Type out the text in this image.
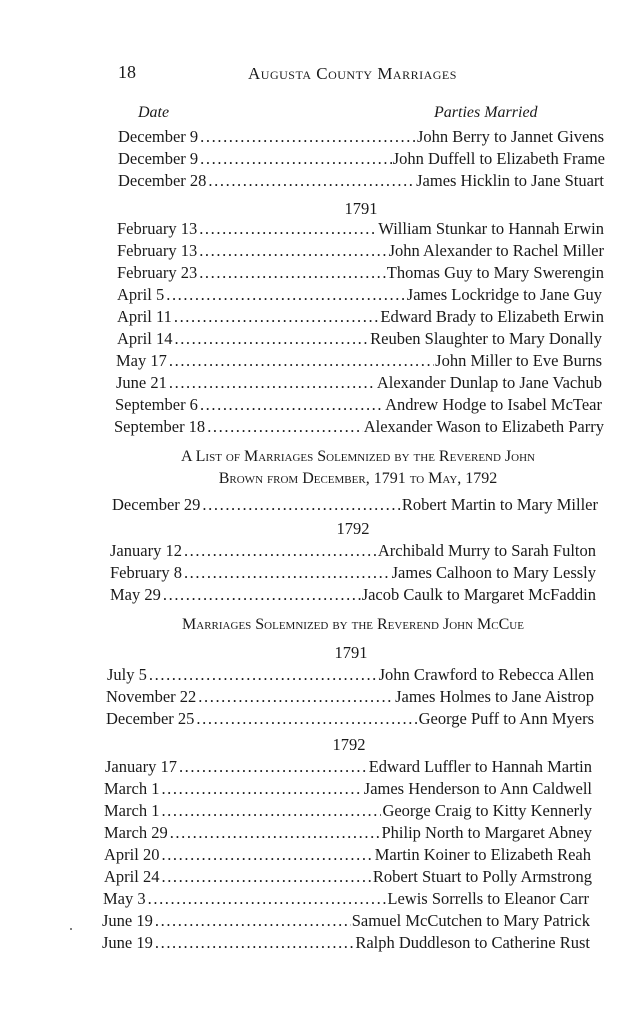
18	Augusta County Marriages
Date	Parties Married
December 9 .....	John Berry to Jannet Givens
December 9 .....	John Duffell to Elizabeth Frame
December 28 .....	James Hicklin to Jane Stuart
1791
February 13 .....	William Stunkar to Hannah Erwin
February 13 .....	John Alexander to Rachel Miller
February 23 .....	Thomas Guy to Mary Swerengin
April 5 .....	James Lockridge to Jane Guy
April 11 .....	Edward Brady to Elizabeth Erwin
April 14 .....	Reuben Slaughter to Mary Donally
May 17 .....	John Miller to Eve Burns
June 21 .....	Alexander Dunlap to Jane Vachub
September 6 .....	Andrew Hodge to Isabel McTear
September 18 .....	Alexander Wason to Elizabeth Parry
A List of Marriages Solemnized by the Reverend John
Brown from December, 1791 to May, 1792
December 29 .....	Robert Martin to Mary Miller
1792
January 12 .....	Archibald Murry to Sarah Fulton
February 8 .....	James Calhoon to Mary Lessly
May 29 .....	Jacob Caulk to Margaret McFaddin
Marriages Solemnized by the Reverend John McCue
1791
July 5 .....	John Crawford to Rebecca Allen
November 22 .....	James Holmes to Jane Aistrop
December 25 .....	George Puff to Ann Myers
1792
January 17 .....	Edward Luffler to Hannah Martin
March 1 .....	James Henderson to Ann Caldwell
March 1 .....	George Craig to Kitty Kennerly
March 29 .....	Philip North to Margaret Abney
April 20 .....	Martin Koiner to Elizabeth Reah
April 24 .....	Robert Stuart to Polly Armstrong
May 3 .....	Lewis Sorrells to Eleanor Carr
June 19 .....	Samuel McCutchen to Mary Patrick
June 19 .....	Ralph Duddleson to Catherine Rust
